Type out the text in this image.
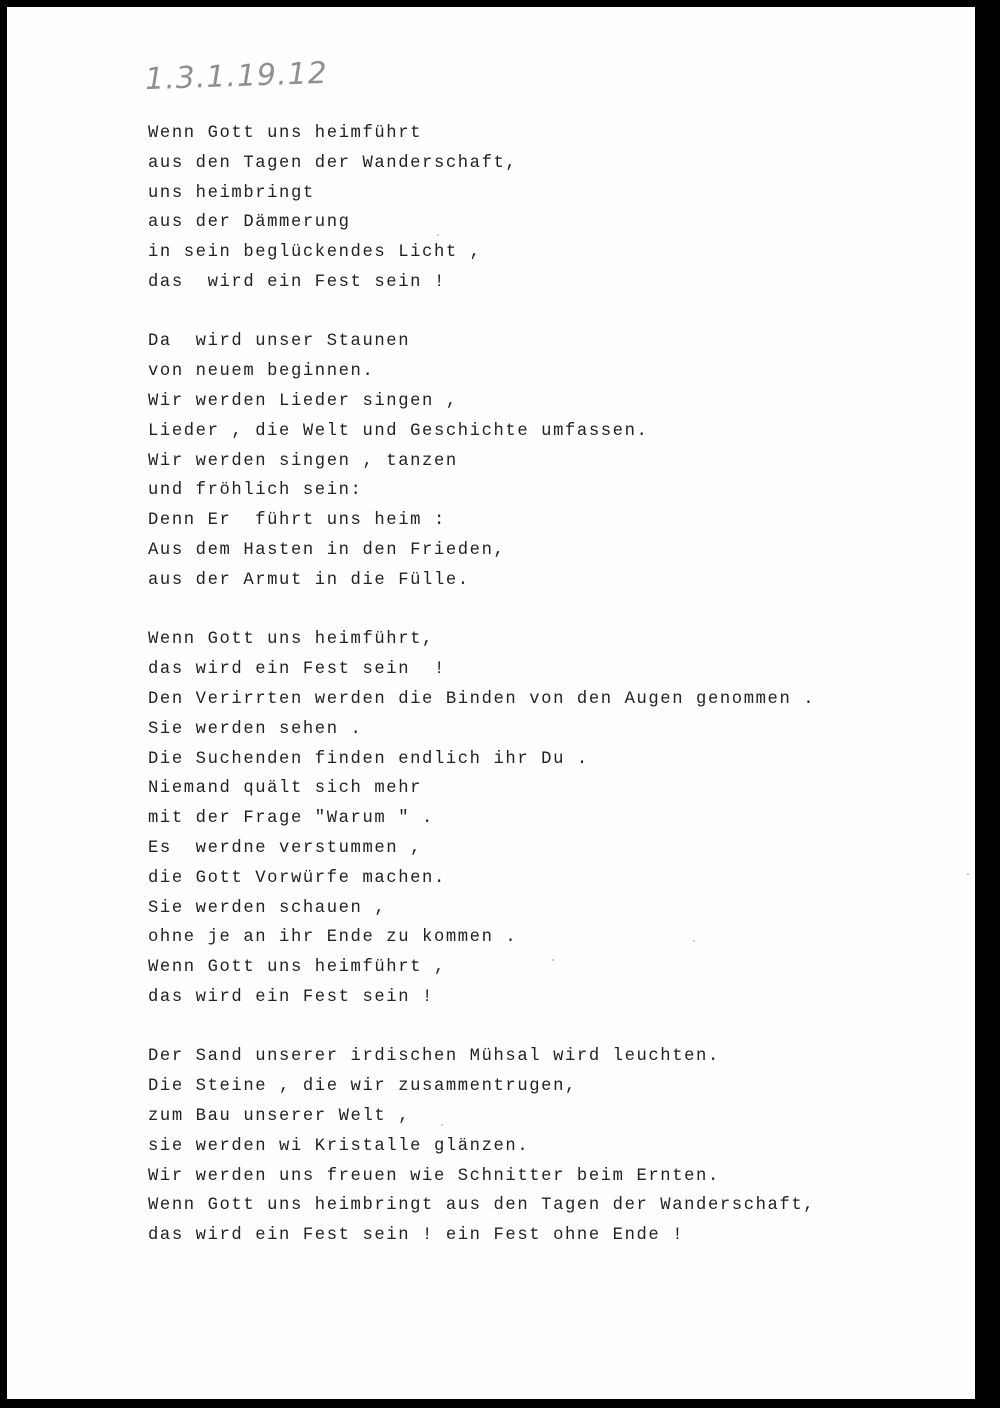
1.3.1.19.12
Wenn Gott uns heimführt
aus den Tagen der Wanderschaft,
uns heimbringt
aus der Dämmerung
in sein beglückendes Licht ,
das  wird ein Fest sein !
Da  wird unser Staunen
von neuem beginnen.
Wir werden Lieder singen ,
Lieder , die Welt und Geschichte umfassen.
Wir werden singen , tanzen
und fröhlich sein:
Denn Er  führt uns heim :
Aus dem Hasten in den Frieden,
aus der Armut in die Fülle.
Wenn Gott uns heimführt,
das wird ein Fest sein  !
Den Verirrten werden die Binden von den Augen genommen .
Sie werden sehen .
Die Suchenden finden endlich ihr Du .
Niemand quält sich mehr
mit der Frage "Warum " .
Es  werdne verstummen ,
die Gott Vorwürfe machen.
Sie werden schauen ,
ohne je an ihr Ende zu kommen .
Wenn Gott uns heimführt ,
das wird ein Fest sein !
Der Sand unserer irdischen Mühsal wird leuchten.
Die Steine , die wir zusammentrugen,
zum Bau unserer Welt ,
sie werden wi Kristalle glänzen.
Wir werden uns freuen wie Schnitter beim Ernten.
Wenn Gott uns heimbringt aus den Tagen der Wanderschaft,
das wird ein Fest sein ! ein Fest ohne Ende !
